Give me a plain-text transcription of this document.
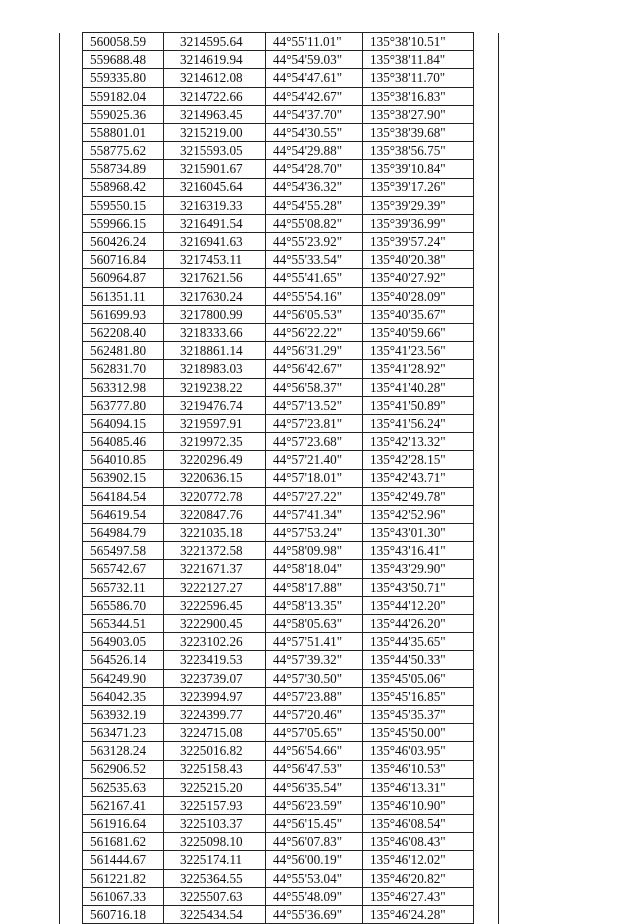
	560058.59	3214595.64	44°55'11.01"	135°38'10.51"	
	559688.48	3214619.94	44°54'59.03"	135°38'11.84"	
	559335.80	3214612.08	44°54'47.61"	135°38'11.70"	
	559182.04	3214722.66	44°54'42.67"	135°38'16.83"	
	559025.36	3214963.45	44°54'37.70"	135°38'27.90"	
	558801.01	3215219.00	44°54'30.55"	135°38'39.68"	
	558775.62	3215593.05	44°54'29.88"	135°38'56.75"	
	558734.89	3215901.67	44°54'28.70"	135°39'10.84"	
	558968.42	3216045.64	44°54'36.32"	135°39'17.26"	
	559550.15	3216319.33	44°54'55.28"	135°39'29.39"	
	559966.15	3216491.54	44°55'08.82"	135°39'36.99"	
	560426.24	3216941.63	44°55'23.92"	135°39'57.24"	
	560716.84	3217453.11	44°55'33.54"	135°40'20.38"	
	560964.87	3217621.56	44°55'41.65"	135°40'27.92"	
	561351.11	3217630.24	44°55'54.16"	135°40'28.09"	
	561699.93	3217800.99	44°56'05.53"	135°40'35.67"	
	562208.40	3218333.66	44°56'22.22"	135°40'59.66"	
	562481.80	3218861.14	44°56'31.29"	135°41'23.56"	
	562831.70	3218983.03	44°56'42.67"	135°41'28.92"	
	563312.98	3219238.22	44°56'58.37"	135°41'40.28"	
	563777.80	3219476.74	44°57'13.52"	135°41'50.89"	
	564094.15	3219597.91	44°57'23.81"	135°41'56.24"	
	564085.46	3219972.35	44°57'23.68"	135°42'13.32"	
	564010.85	3220296.49	44°57'21.40"	135°42'28.15"	
	563902.15	3220636.15	44°57'18.01"	135°42'43.71"	
	564184.54	3220772.78	44°57'27.22"	135°42'49.78"	
	564619.54	3220847.76	44°57'41.34"	135°42'52.96"	
	564984.79	3221035.18	44°57'53.24"	135°43'01.30"	
	565497.58	3221372.58	44°58'09.98"	135°43'16.41"	
	565742.67	3221671.37	44°58'18.04"	135°43'29.90"	
	565732.11	3222127.27	44°58'17.88"	135°43'50.71"	
	565586.70	3222596.45	44°58'13.35"	135°44'12.20"	
	565344.51	3222900.45	44°58'05.63"	135°44'26.20"	
	564903.05	3223102.26	44°57'51.41"	135°44'35.65"	
	564526.14	3223419.53	44°57'39.32"	135°44'50.33"	
	564249.90	3223739.07	44°57'30.50"	135°45'05.06"	
	564042.35	3223994.97	44°57'23.88"	135°45'16.85"	
	563932.19	3224399.77	44°57'20.46"	135°45'35.37"	
	563471.23	3224715.08	44°57'05.65"	135°45'50.00"	
	563128.24	3225016.82	44°56'54.66"	135°46'03.95"	
	562906.52	3225158.43	44°56'47.53"	135°46'10.53"	
	562535.63	3225215.20	44°56'35.54"	135°46'13.31"	
	562167.41	3225157.93	44°56'23.59"	135°46'10.90"	
	561916.64	3225103.37	44°56'15.45"	135°46'08.54"	
	561681.62	3225098.10	44°56'07.83"	135°46'08.43"	
	561444.67	3225174.11	44°56'00.19"	135°46'12.02"	
	561221.82	3225364.55	44°55'53.04"	135°46'20.82"	
	561067.33	3225507.63	44°55'48.09"	135°46'27.43"	
	560716.18	3225434.54	44°55'36.69"	135°46'24.28"	
